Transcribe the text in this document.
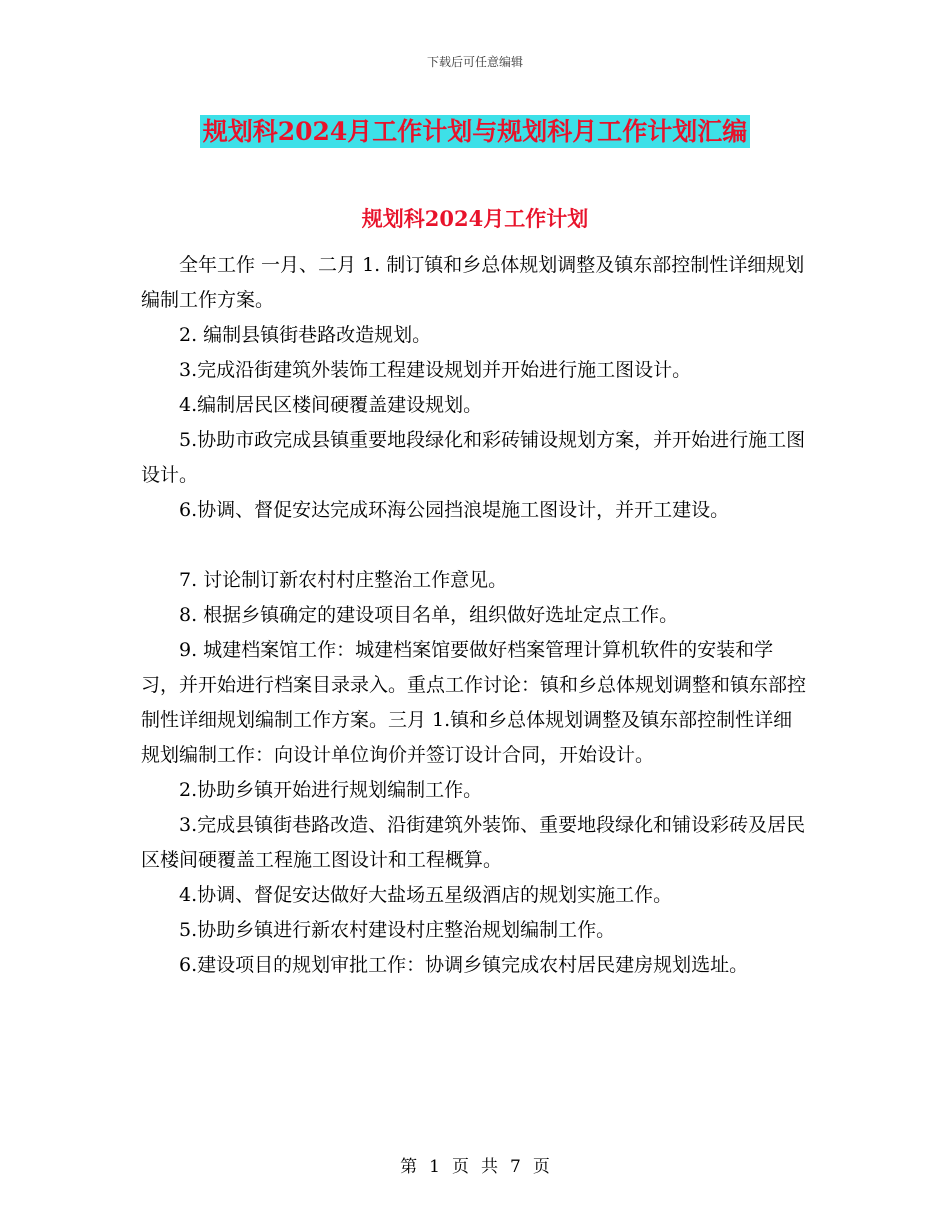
下载后可任意编辑
规划科2024月工作计划与规划科月工作计划汇编
规划科2024月工作计划

全年工作 一月、二月 1. 制订镇和乡总体规划调整及镇东部控制性详细规划编制工作方案。

2. 编制县镇街巷路改造规划。

3.完成沿街建筑外装饰工程建设规划并开始进行施工图设计。

4.编制居民区楼间硬覆盖建设规划。

5.协助市政完成县镇重要地段绿化和彩砖铺设规划方案，并开始进行施工图设计。

6.协调、督促安达完成环海公园挡浪堤施工图设计，并开工建设。

7. 讨论制订新农村村庄整治工作意见。

8. 根据乡镇确定的建设项目名单，组织做好选址定点工作。

9. 城建档案馆工作：城建档案馆要做好档案管理计算机软件的安装和学习，并开始进行档案目录录入。重点工作讨论：镇和乡总体规划调整和镇东部控制性详细规划编制工作方案。三月 1.镇和乡总体规划调整及镇东部控制性详细规划编制工作：向设计单位询价并签订设计合同，开始设计。

2.协助乡镇开始进行规划编制工作。

3.完成县镇街巷路改造、沿街建筑外装饰、重要地段绿化和铺设彩砖及居民区楼间硬覆盖工程施工图设计和工程概算。

4.协调、督促安达做好大盐场五星级酒店的规划实施工作。

5.协助乡镇进行新农村建设村庄整治规划编制工作。

6.建设项目的规划审批工作：协调乡镇完成农村居民建房规划选址。

第 1 页 共 7 页
